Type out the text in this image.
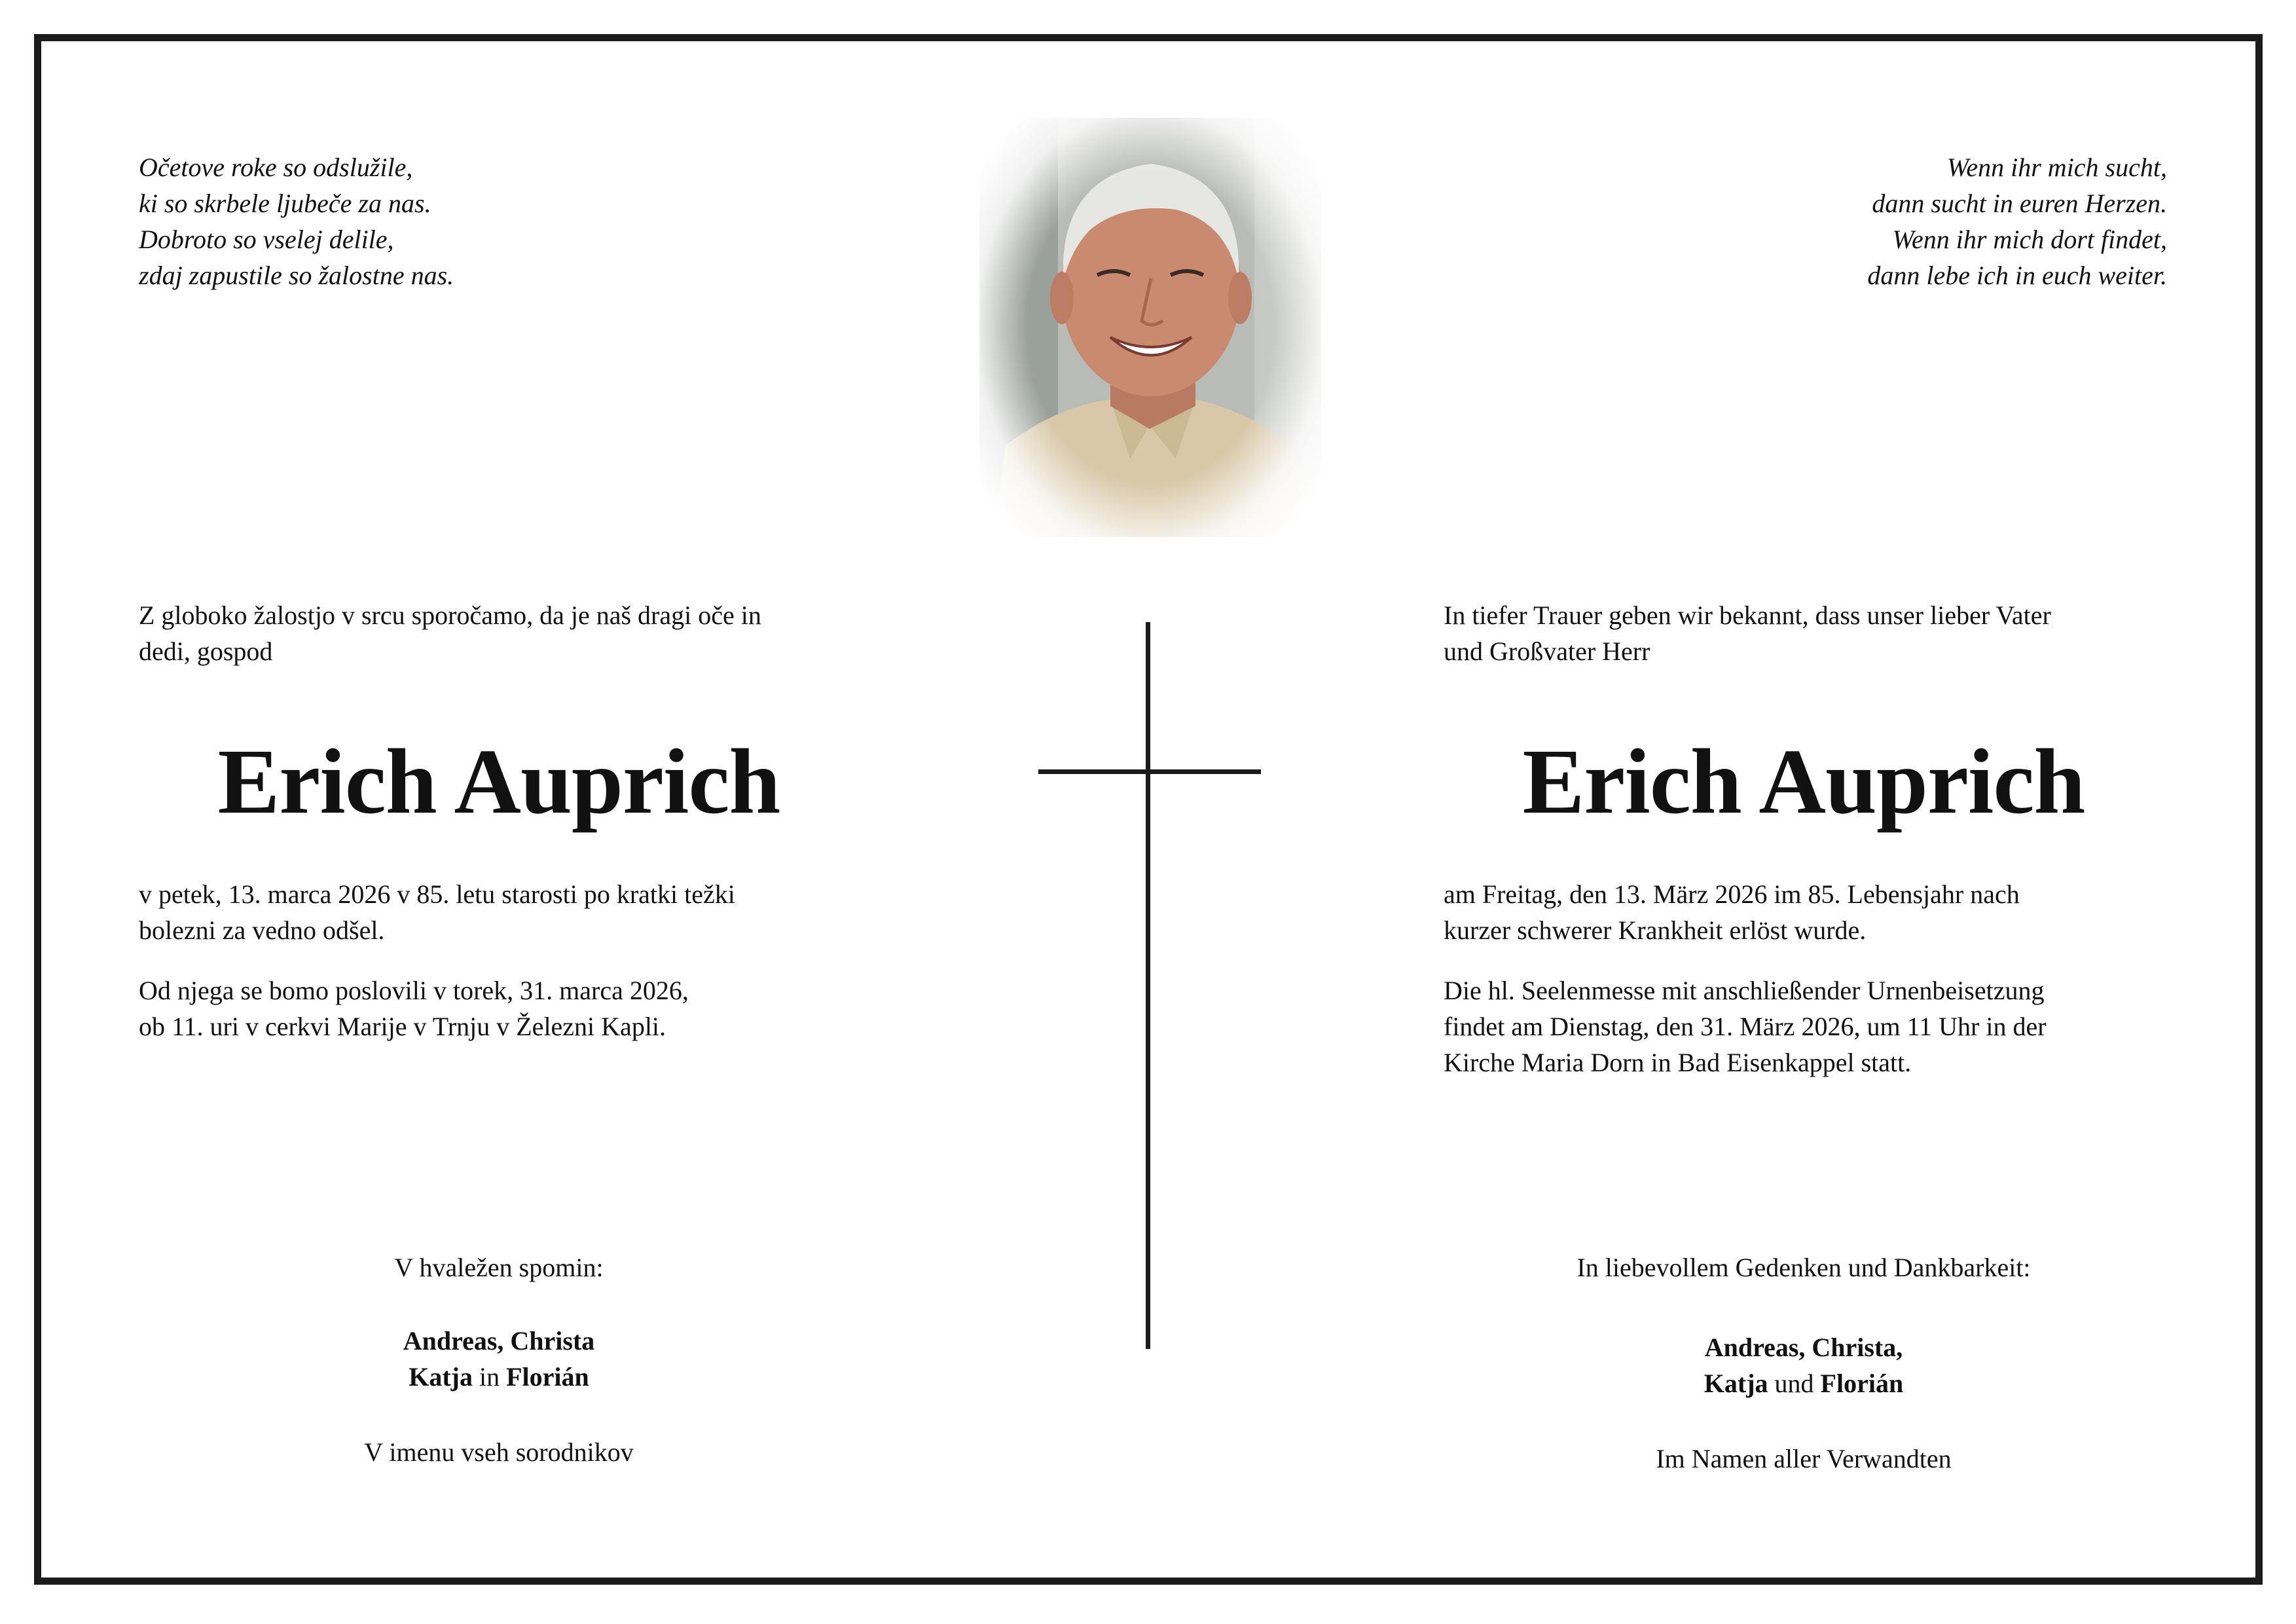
Očetove roke so odslužile,
ki so skrbele ljubeče za nas.
Dobroto so vselej delile,
zdaj zapustile so žalostne nas.
Wenn ihr mich sucht,
dann sucht in euren Herzen.
Wenn ihr mich dort findet,
dann lebe ich in euch weiter.

Z globoko žalostjo v srcu sporočamo, da je naš dragi oče in
dedi, gospod

Erich Auprich

v petek, 13. marca 2026 v 85. letu starosti po kratki težki
bolezni za vedno odšel.

Od njega se bomo poslovili v torek, 31. marca 2026,
ob 11. uri v cerkvi Marije v Trnju v Železni Kapli.

V hvaležen spomin:
Andreas, Christa
Katja in Florián
V imenu vseh sorodnikov

In tiefer Trauer geben wir bekannt, dass unser lieber Vater
und Großvater Herr

Erich Auprich

am Freitag, den 13. März 2026 im 85. Lebensjahr nach
kurzer schwerer Krankheit erlöst wurde.

Die hl. Seelenmesse mit anschließender Urnenbeisetzung
findet am Dienstag, den 31. März 2026, um 11 Uhr in der
Kirche Maria Dorn in Bad Eisenkappel statt.

In liebevollem Gedenken und Dankbarkeit:
Andreas, Christa,
Katja und Florián
Im Namen aller Verwandten
